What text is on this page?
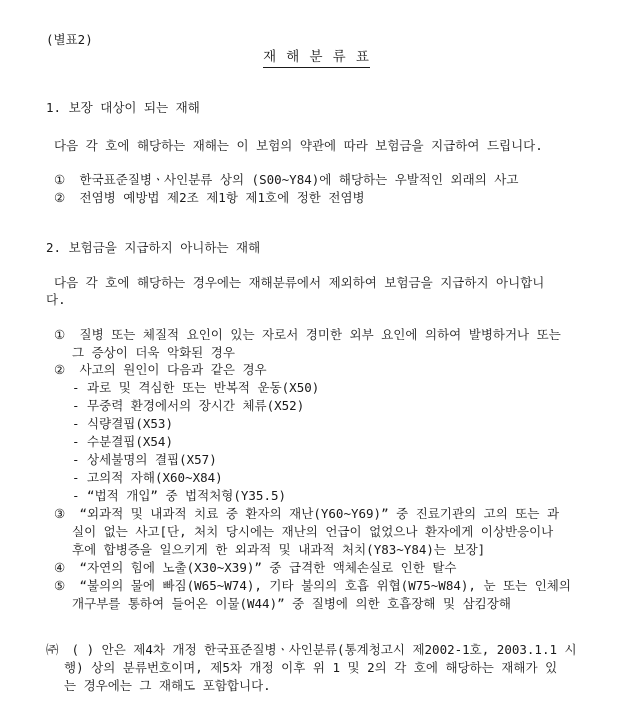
(별표2)
재 해 분 류 표
1. 보장 대상이 되는 재해
다음 각 호에 해당하는 재해는 이 보험의 약관에 따라 보험금을 지급하여 드립니다.
① 한국표준질병ㆍ사인분류 상의 (S00~Y84)에 해당하는 우발적인 외래의 사고
② 전염병 예방법 제2조 제1항 제1호에 정한 전염병
2. 보험금을 지급하지 아니하는 재해
다음 각 호에 해당하는 경우에는 재해분류에서 제외하여 보험금을 지급하지 아니합니
다.
① 질병 또는 체질적 요인이 있는 자로서 경미한 외부 요인에 의하여 발병하거나 또는
그 증상이 더욱 악화된 경우
② 사고의 원인이 다음과 같은 경우
- 과로 및 격심한 또는 반복적 운동(X50)
- 무중력 환경에서의 장시간 체류(X52)
- 식량결핍(X53)
- 수분결핍(X54)
- 상세불명의 결핍(X57)
- 고의적 자해(X60~X84)
- “법적 개입” 중 법적처형(Y35.5)
③ “외과적 및 내과적 치료 중 환자의 재난(Y60~Y69)” 중 진료기관의 고의 또는 과
실이 없는 사고[단, 처치 당시에는 재난의 언급이 없었으나 환자에게 이상반응이나
후에 합병증을 일으키게 한 외과적 및 내과적 처치(Y83~Y84)는 보장]
④ “자연의 힘에 노출(X30~X39)” 중 급격한 액체손실로 인한 탈수
⑤ “불의의 물에 빠짐(W65~W74), 기타 불의의 호흡 위협(W75~W84), 눈 또는 인체의
개구부를 통하여 들어온 이물(W44)” 중 질병에 의한 호흡장해 및 삼킴장해
㈜ ( ) 안은 제4차 개정 한국표준질병ㆍ사인분류(통계청고시 제2002-1호, 2003.1.1 시
행) 상의 분류번호이며, 제5차 개정 이후 위 1 및 2의 각 호에 해당하는 재해가 있
는 경우에는 그 재해도 포함합니다.
